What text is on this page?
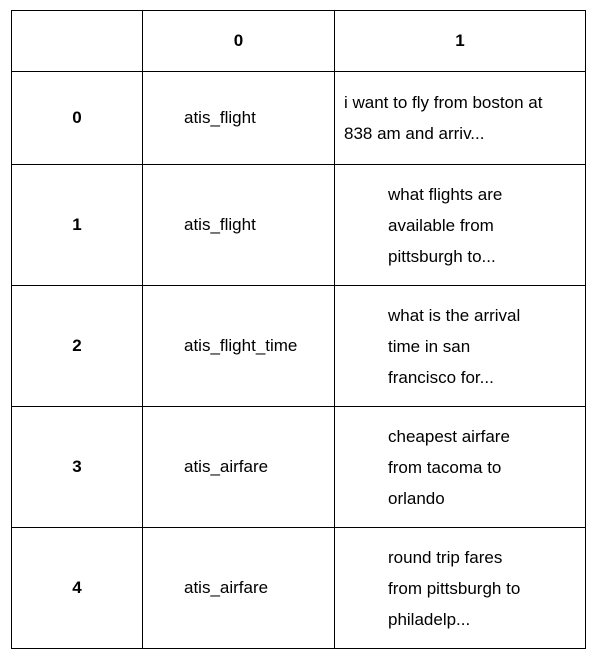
	0	1
0	atis_flight	i want to fly from boston at
838 am and arriv...
1	atis_flight	what flights are
available from
pittsburgh to...
2	atis_flight_time	what is the arrival
time in san
francisco for...
3	atis_airfare	cheapest airfare
from tacoma to
orlando
4	atis_airfare	round trip fares
from pittsburgh to
philadelp...
